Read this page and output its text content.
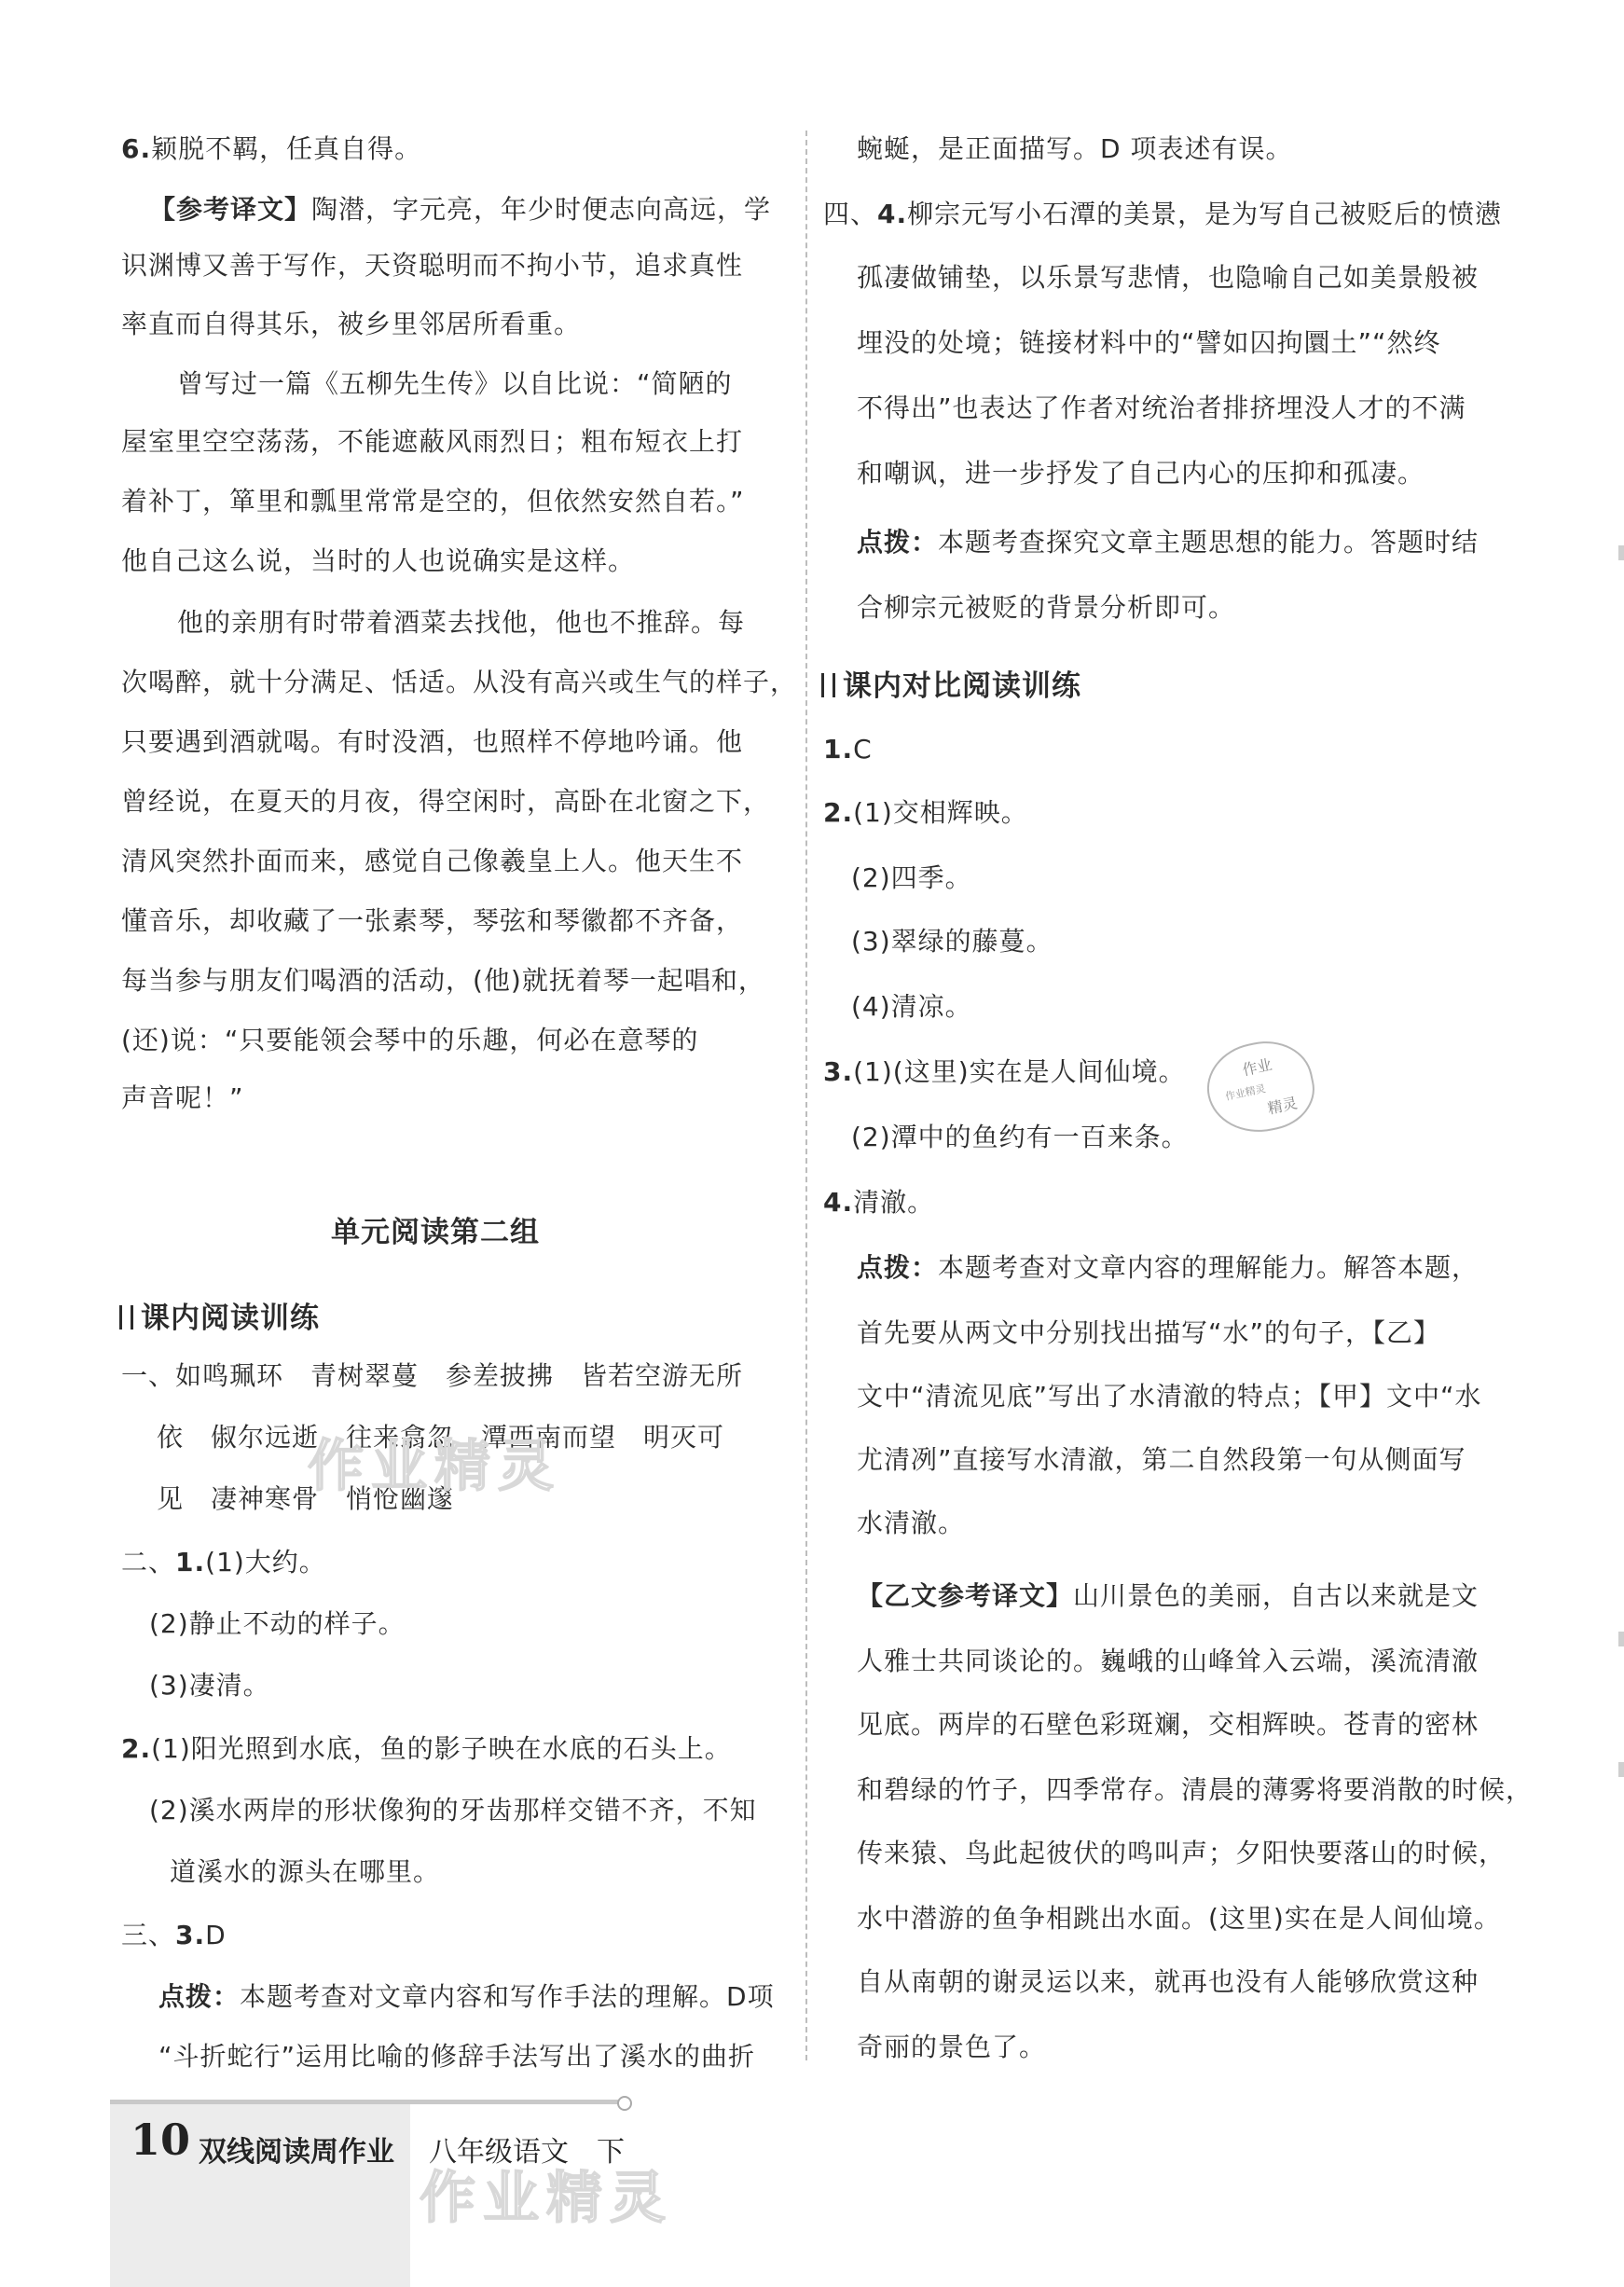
6.颖脱不羁，任真自得。
【参考译文】陶潜，字元亮，年少时便志向高远，学
识渊博又善于写作，天资聪明而不拘小节，追求真性
率直而自得其乐，被乡里邻居所看重。
曾写过一篇《五柳先生传》以自比说：“简陋的
屋室里空空荡荡，不能遮蔽风雨烈日；粗布短衣上打
着补丁，箪里和瓢里常常是空的，但依然安然自若。”
他自己这么说，当时的人也说确实是这样。
他的亲朋有时带着酒菜去找他，他也不推辞。每
次喝醉，就十分满足、恬适。从没有高兴或生气的样子，
只要遇到酒就喝。有时没酒，也照样不停地吟诵。他
曾经说，在夏天的月夜，得空闲时，高卧在北窗之下，
清风突然扑面而来，感觉自己像羲皇上人。他天生不
懂音乐，却收藏了一张素琴，琴弦和琴徽都不齐备，
每当参与朋友们喝酒的活动，(他)就抚着琴一起唱和，
(还)说：“只要能领会琴中的乐趣，何必在意琴的
声音呢！”
单元阅读第二组
课内阅读训练
一、如鸣珮环　青树翠蔓　参差披拂　皆若空游无所
依　俶尔远逝　往来翕忽　潭西南而望　明灭可
见　凄神寒骨　悄怆幽邃
二、1.(1)大约。
(2)静止不动的样子。
(3)凄清。
2.(1)阳光照到水底，鱼的影子映在水底的石头上。
(2)溪水两岸的形状像狗的牙齿那样交错不齐，不知
道溪水的源头在哪里。
三、3.D
点拨：本题考查对文章内容和写作手法的理解。D项
“斗折蛇行”运用比喻的修辞手法写出了溪水的曲折
蜿蜒，是正面描写。D 项表述有误。
四、4.柳宗元写小石潭的美景，是为写自己被贬后的愤懑
孤凄做铺垫，以乐景写悲情，也隐喻自己如美景般被
埋没的处境；链接材料中的“譬如囚拘圜土”“然终
不得出”也表达了作者对统治者排挤埋没人才的不满
和嘲讽，进一步抒发了自己内心的压抑和孤凄。
点拨：本题考查探究文章主题思想的能力。答题时结
合柳宗元被贬的背景分析即可。
课内对比阅读训练
1.C
2.(1)交相辉映。
(2)四季。
(3)翠绿的藤蔓。
(4)清凉。
3.(1)(这里)实在是人间仙境。
(2)潭中的鱼约有一百来条。
4.清澈。
点拨：本题考查对文章内容的理解能力。解答本题，
首先要从两文中分别找出描写“水”的句子，【乙】
文中“清流见底”写出了水清澈的特点；【甲】文中“水
尤清冽”直接写水清澈，第二自然段第一句从侧面写
水清澈。
【乙文参考译文】山川景色的美丽，自古以来就是文
人雅士共同谈论的。巍峨的山峰耸入云端，溪流清澈
见底。两岸的石壁色彩斑斓，交相辉映。苍青的密林
和碧绿的竹子，四季常存。清晨的薄雾将要消散的时候，
传来猿、鸟此起彼伏的鸣叫声；夕阳快要落山的时候，
水中潜游的鱼争相跳出水面。(这里)实在是人间仙境。
自从南朝的谢灵运以来，就再也没有人能够欣赏这种
奇丽的景色了。
作业
作业精灵
精灵
作业精灵
作业精灵
10 双线阅读周作业 八年级语文　下
